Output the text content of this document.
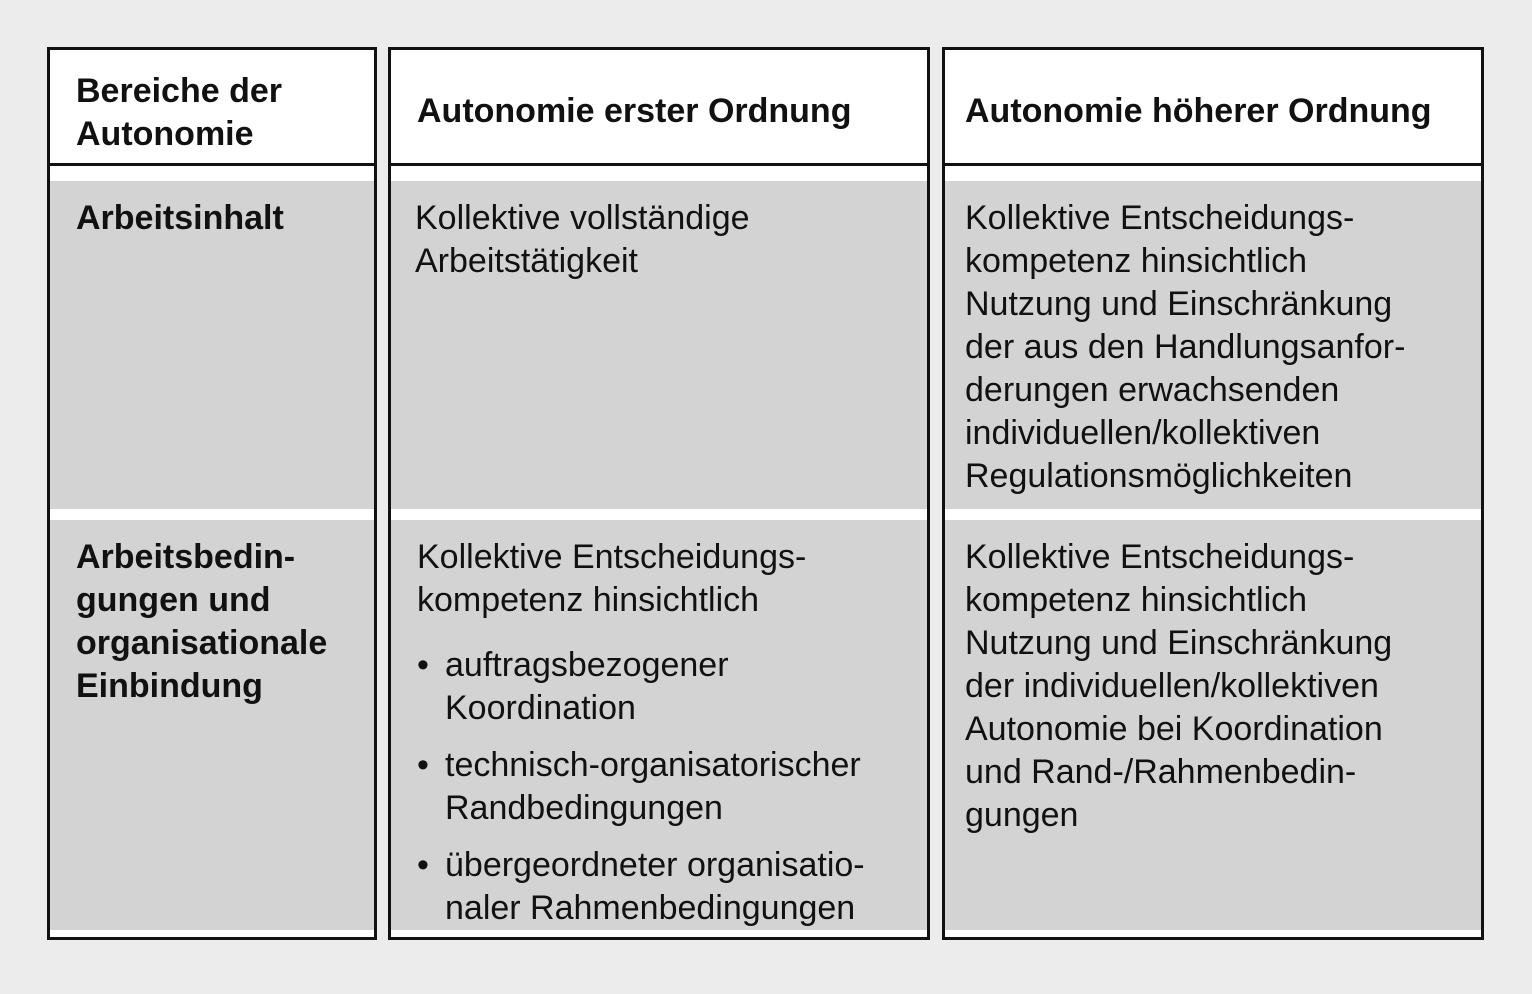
Bereiche der
Autonomie
Arbeitsinhalt
Arbeitsbedin-
gungen und
organisationale
Einbindung
Autonomie erster Ordnung
Kollektive vollständige
Arbeitstätigkeit
Kollektive Entscheidungs-
kompetenz hinsichtlich
• auftragsbezogener
Koordination
• technisch-organisatorischer
Randbedingungen
• übergeordneter organisatio-
naler Rahmenbedingungen
Autonomie höherer Ordnung
Kollektive Entscheidungs-
kompetenz hinsichtlich
Nutzung und Einschränkung
der aus den Handlungsanfor-
derungen erwachsenden
individuellen/kollektiven
Regulationsmöglichkeiten
Kollektive Entscheidungs-
kompetenz hinsichtlich
Nutzung und Einschränkung
der individuellen/kollektiven
Autonomie bei Koordination
und Rand-/Rahmenbedin-
gungen
